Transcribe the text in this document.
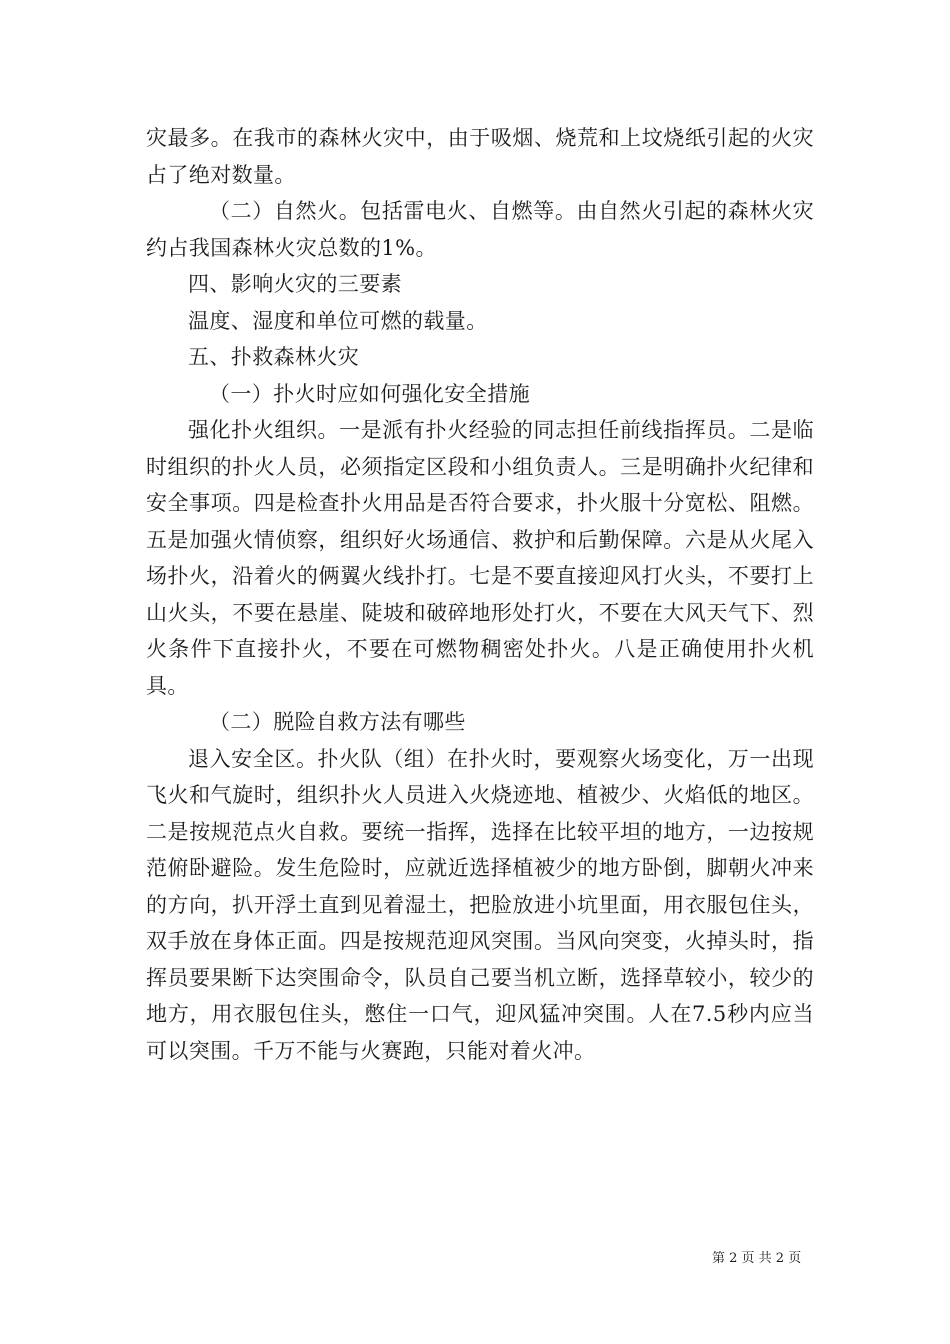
灾最多。在我市的森林火灾中，由于吸烟、烧荒和上坟烧纸引起的火灾占了绝对数量。

（二）自然火。包括雷电火、自燃等。由自然火引起的森林火灾约占我国森林火灾总数的1%。

四、影响火灾的三要素

温度、湿度和单位可燃的载量。

五、扑救森林火灾

（一）扑火时应如何强化安全措施

强化扑火组织。一是派有扑火经验的同志担任前线指挥员。二是临时组织的扑火人员，必须指定区段和小组负责人。三是明确扑火纪律和安全事项。四是检查扑火用品是否符合要求，扑火服十分宽松、阻燃。五是加强火情侦察，组织好火场通信、救护和后勤保障。六是从火尾入场扑火，沿着火的俩翼火线扑打。七是不要直接迎风打火头，不要打上山火头，不要在悬崖、陡坡和破碎地形处打火，不要在大风天气下、烈火条件下直接扑火，不要在可燃物稠密处扑火。八是正确使用扑火机具。

（二）脱险自救方法有哪些

退入安全区。扑火队（组）在扑火时，要观察火场变化，万一出现飞火和气旋时，组织扑火人员进入火烧迹地、植被少、火焰低的地区。二是按规范点火自救。要统一指挥，选择在比较平坦的地方，一边按规范俯卧避险。发生危险时，应就近选择植被少的地方卧倒，脚朝火冲来的方向，扒开浮土直到见着湿土，把脸放进小坑里面，用衣服包住头，双手放在身体正面。四是按规范迎风突围。当风向突变，火掉头时，指挥员要果断下达突围命令，队员自己要当机立断，选择草较小，较少的地方，用衣服包住头，憋住一口气，迎风猛冲突围。人在7.5秒内应当可以突围。千万不能与火赛跑，只能对着火冲。

第 2 页 共 2 页
